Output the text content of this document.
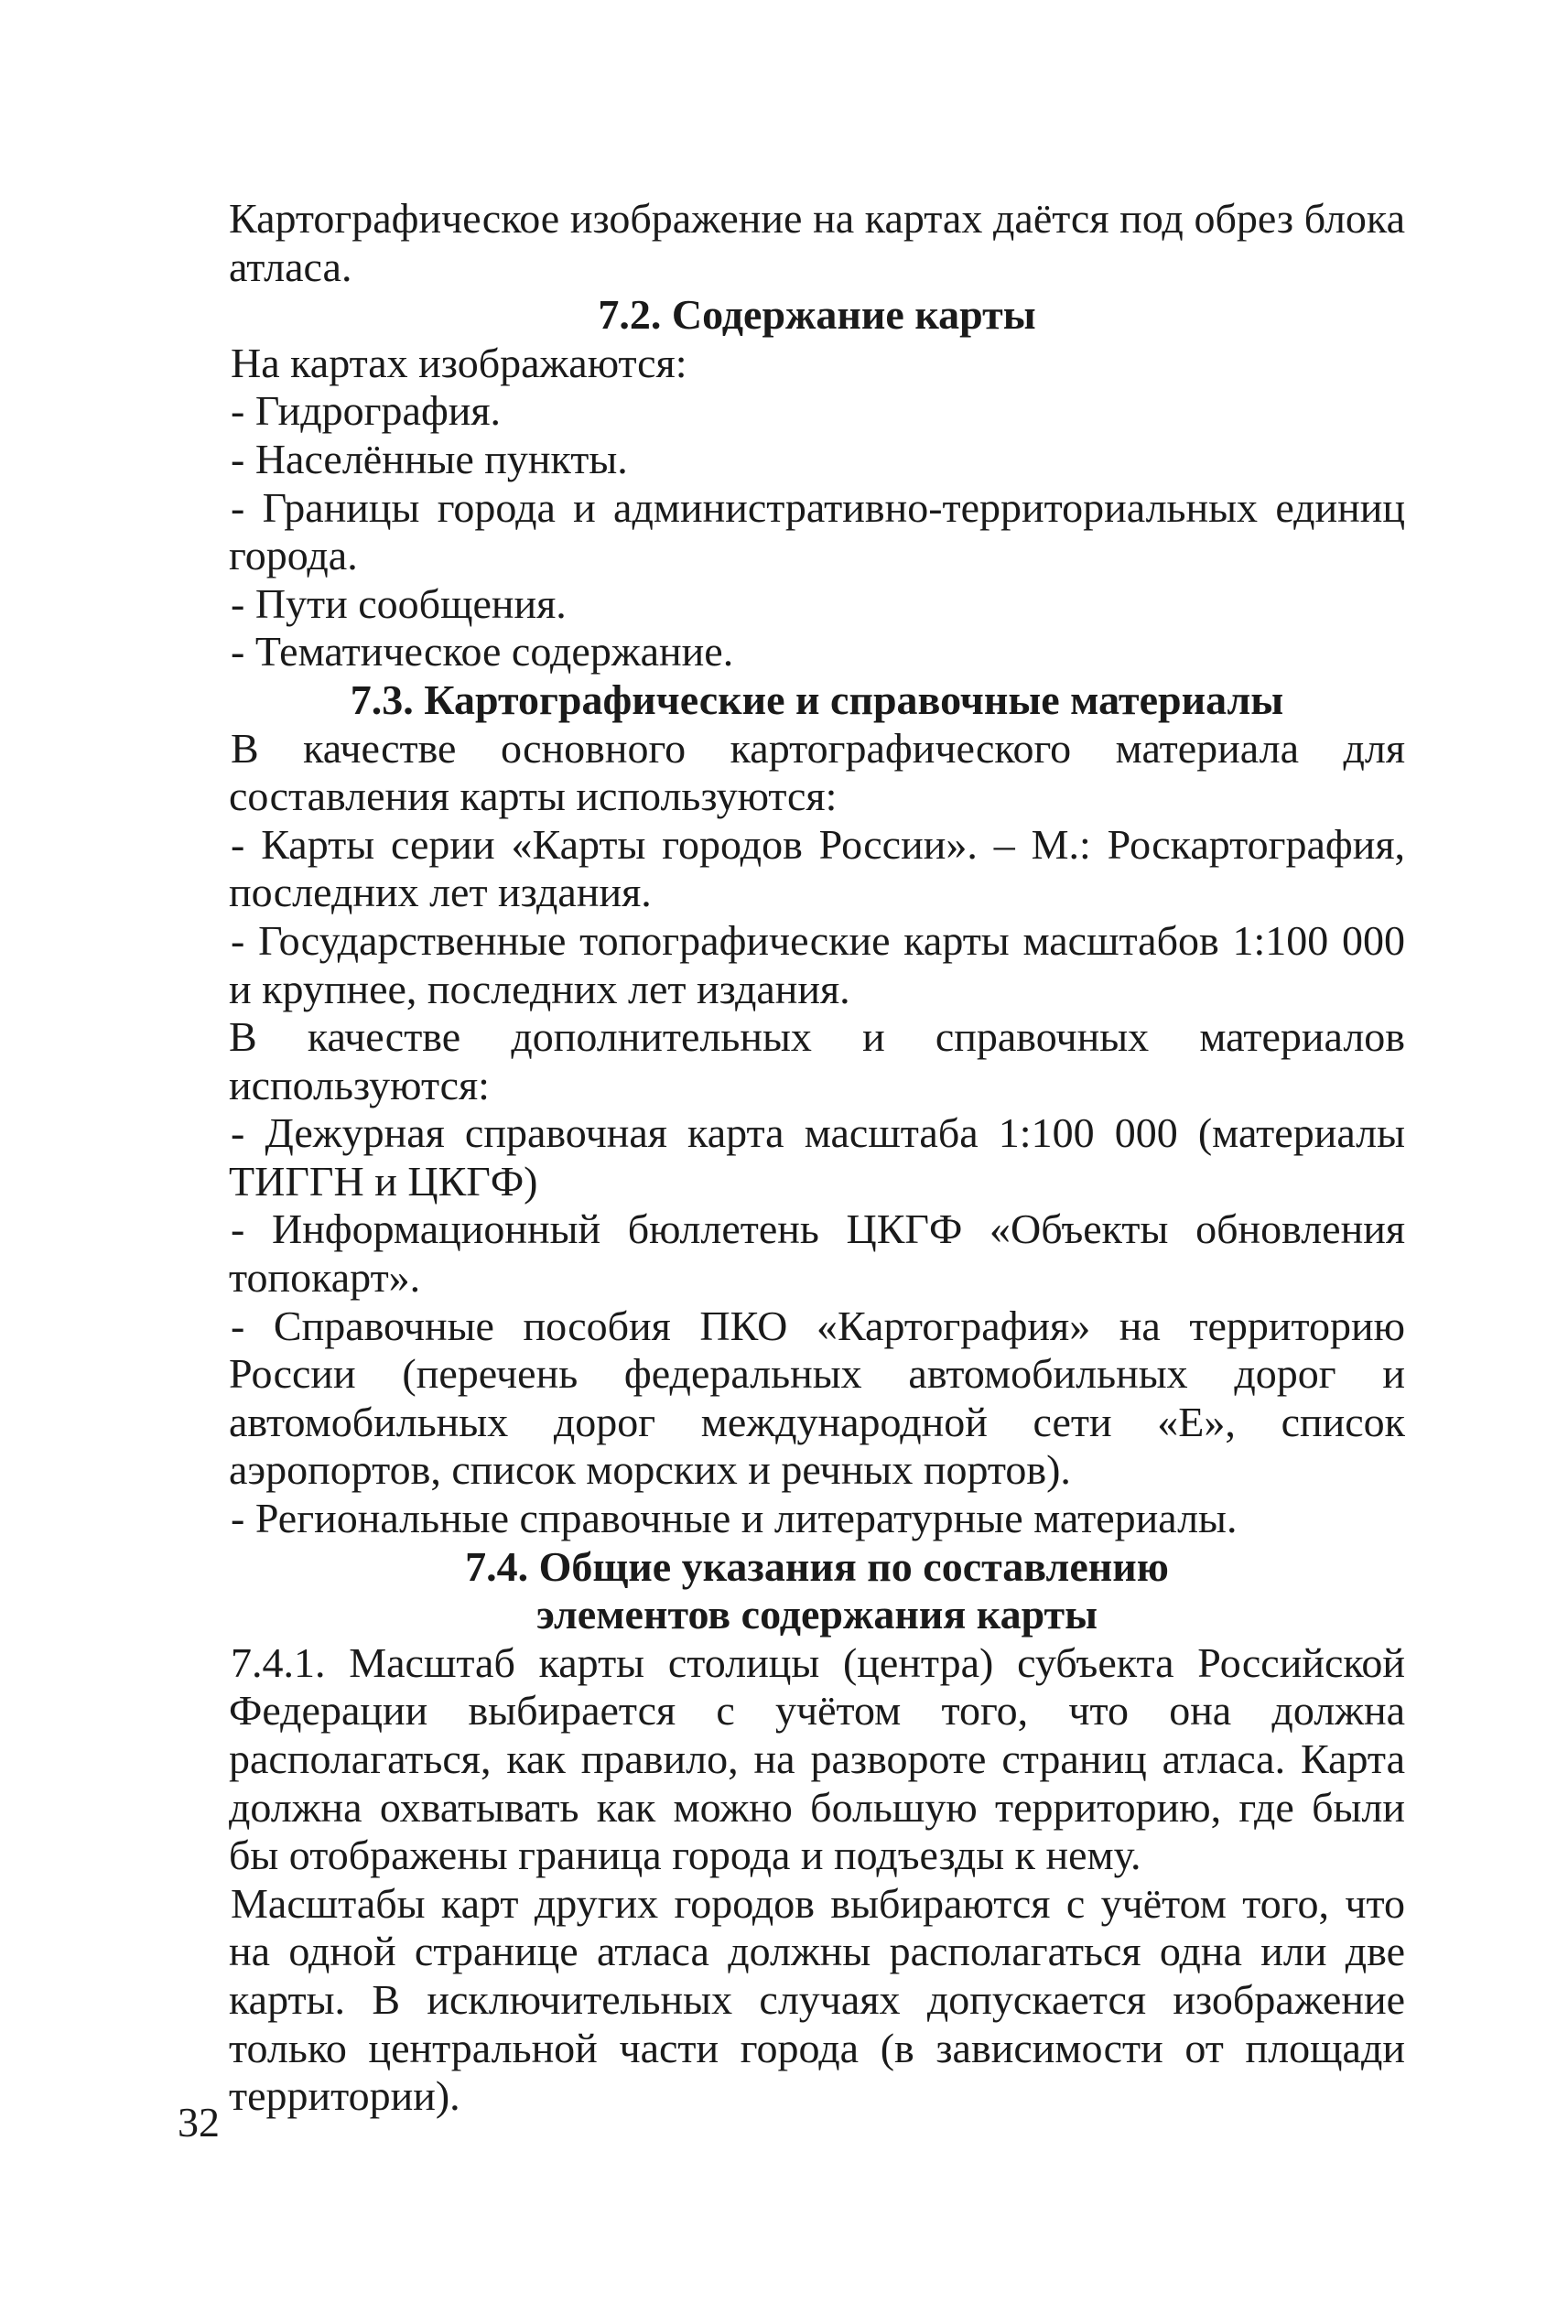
Картографическое изображение на картах даётся под обрез блока атласа.

7.2. Содержание карты

На картах изображаются:

- Гидрография.

- Населённые пункты.

- Границы города и административно-территориальных единиц города.

- Пути сообщения.

- Тематическое содержание.

7.3. Картографические и справочные материалы

В качестве основного картографического материала для составления карты используются:

- Карты серии «Карты городов России». – М.: Роскартография, последних лет издания.

- Государственные топографические карты масштабов 1:100 000 и крупнее, последних лет издания.

В качестве дополнительных и справочных материалов используются:

- Дежурная справочная карта масштаба 1:100 000 (материалы ТИГГН и ЦКГФ)

- Информационный бюллетень ЦКГФ «Объекты обновления топокарт».

- Справочные пособия ПКО «Картография» на территорию России (перечень федеральных автомобильных дорог и автомобильных дорог международной сети «Е», список аэропортов, список морских и речных портов).

- Региональные справочные и литературные материалы.

7.4. Общие указания по составлению

элементов содержания карты

7.4.1. Масштаб карты столицы (центра) субъекта Российской Федерации выбирается с учётом того, что она должна располагаться, как правило, на развороте страниц атласа. Карта должна охватывать как можно большую территорию, где были бы отображены граница города и подъезды к нему.

Масштабы карт других городов выбираются с учётом того, что на одной странице атласа должны располагаться одна или две карты. В исключительных случаях допускается изображение только центральной части города (в зависимости от площади территории).

32
